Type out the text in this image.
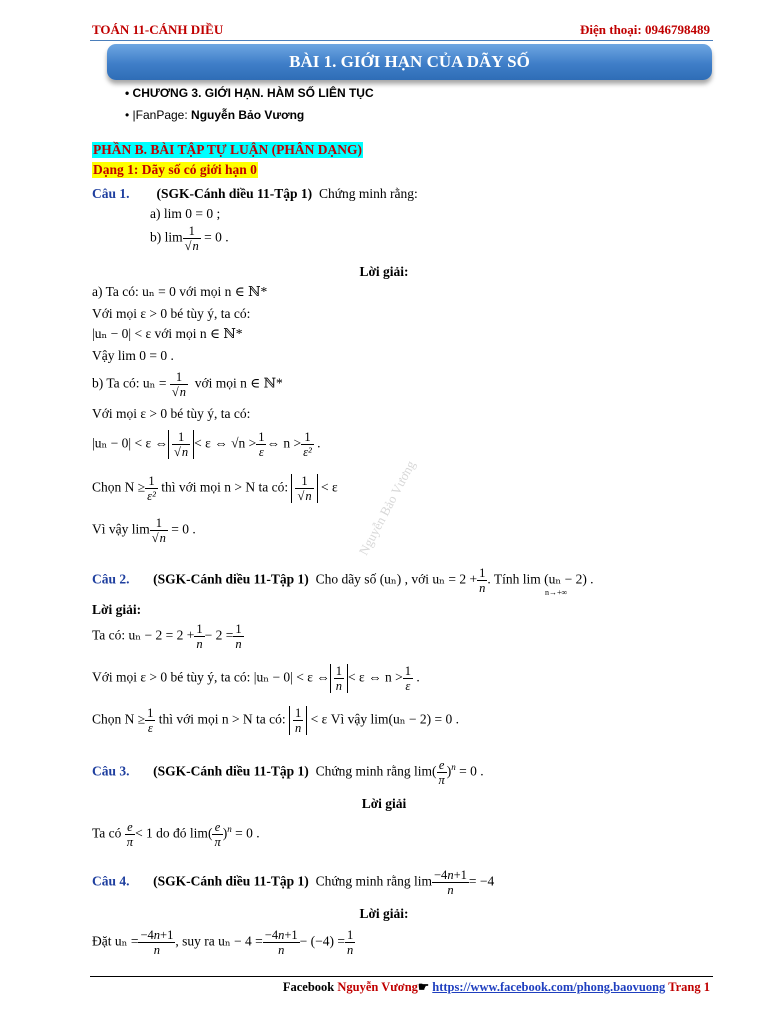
TOÁN 11-CÁNH DIỀU	Điện thoại: 0946798489
BÀI 1. GIỚI HẠN CỦA DÃY SỐ
• CHƯƠNG 3. GIỚI HẠN. HÀM SỐ LIÊN TỤC
• |FanPage: Nguyễn Bảo Vương
PHẦN B. BÀI TẬP TỰ LUẬN (PHÂN DẠNG)
Dạng 1: Dãy số có giới hạn 0
Câu 1. (SGK-Cánh diều 11-Tập 1) Chứng minh rằng:
a) lim 0 = 0 ;
b) $\lim \frac{1}{√n} = 0$ .
Lời giải:
a) Ta có: uₙ = 0 với mọi n ∈ ℕ*
Với mọi ε > 0 bé tùy ý, ta có:
|uₙ − 0| < ε với mọi n ∈ ℕ*
Vậy lim 0 = 0 .
b) Ta có: $u_n = \frac{1}{√n}$ với mọi n ∈ ℕ*
Với mọi ε > 0 bé tùy ý, ta có:
|uₙ − 0| < ε ⇔ $\frac{1}{√n} < \varepsilon$ ⇔ $√n > \frac{1}{\varepsilon}$ ⇔ $n > \frac{1}{\text{ε²}}$ .
Chọn $N \ge \frac{1}{\text{ε²}}$ thì với mọi n > N ta có: $\frac{1}{√n} < \varepsilon$
Vì vậy $\lim \frac{1}{√n} = 0$ .	Nguyễn Bảo Vương
Câu 2. (SGK-Cánh diều 11-Tập 1) Cho dãy số (uₙ) , với $u_n = 2 + \frac{1}{n}$ . Tính lim (uₙ − 2) .
n→+∞
Lời giải:
Ta có: $u_n - 2 = 2 + \frac{1}{n} - 2 = \frac{1}{n}$
Với mọi ε > 0 bé tùy ý, ta có: |uₙ − 0| < ε ⇔ $\frac{1}{n} < \varepsilon$ ⇔ $n > \frac{1}{\varepsilon}$ .
Chọn $N \ge \frac{1}{\varepsilon}$ thì với mọi n > N ta có: $\frac{1}{n} < \varepsilon$ Vì vậy lim(uₙ − 2) = 0 .
Câu 3. (SGK-Cánh diều 11-Tập 1) Chứng minh rằng $\lim( \frac{e}{\pi} )^n = 0$ .
Lời giải
Ta có $\frac{e}{\pi} < 1$ do đó $\lim( \frac{e}{\pi} )^n = 0$ .
Câu 4. (SGK-Cánh diều 11-Tập 1) Chứng minh rằng $\lim \frac{-4n+1}{n} = -4$
Lời giải:
Đặt $u_n = \frac{-4n+1}{n}$ , suy ra $u_n - 4 = \frac{-4n+1}{n} - (-4) = \frac{1}{n}$
Facebook Nguyễn Vương☛ https://www.facebook.com/phong.baovuong Trang 1
